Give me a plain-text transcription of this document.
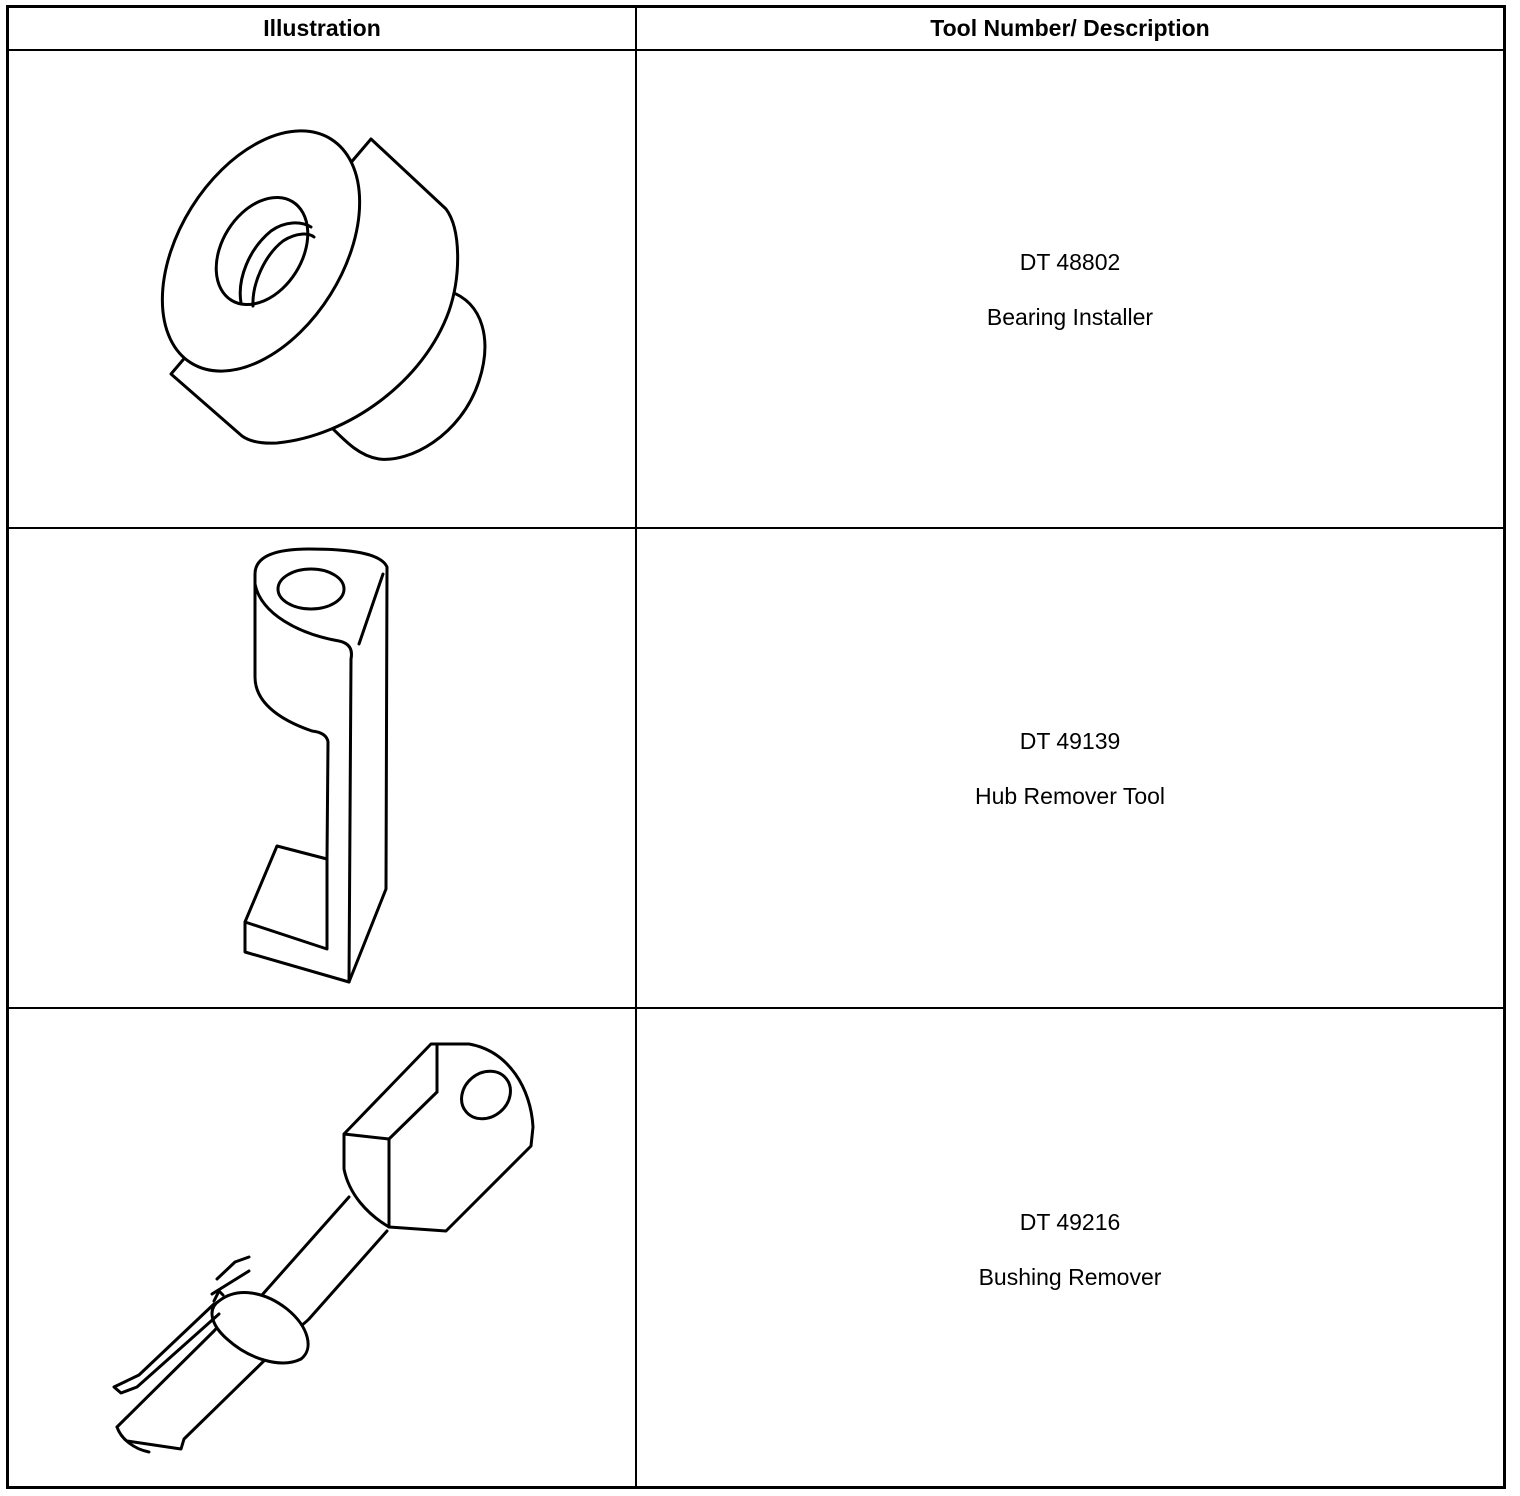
Illustration	Tool Number/ Description
DT 48802
Bearing Installer
DT 49139
Hub Remover Tool
DT 49216
Bushing Remover
